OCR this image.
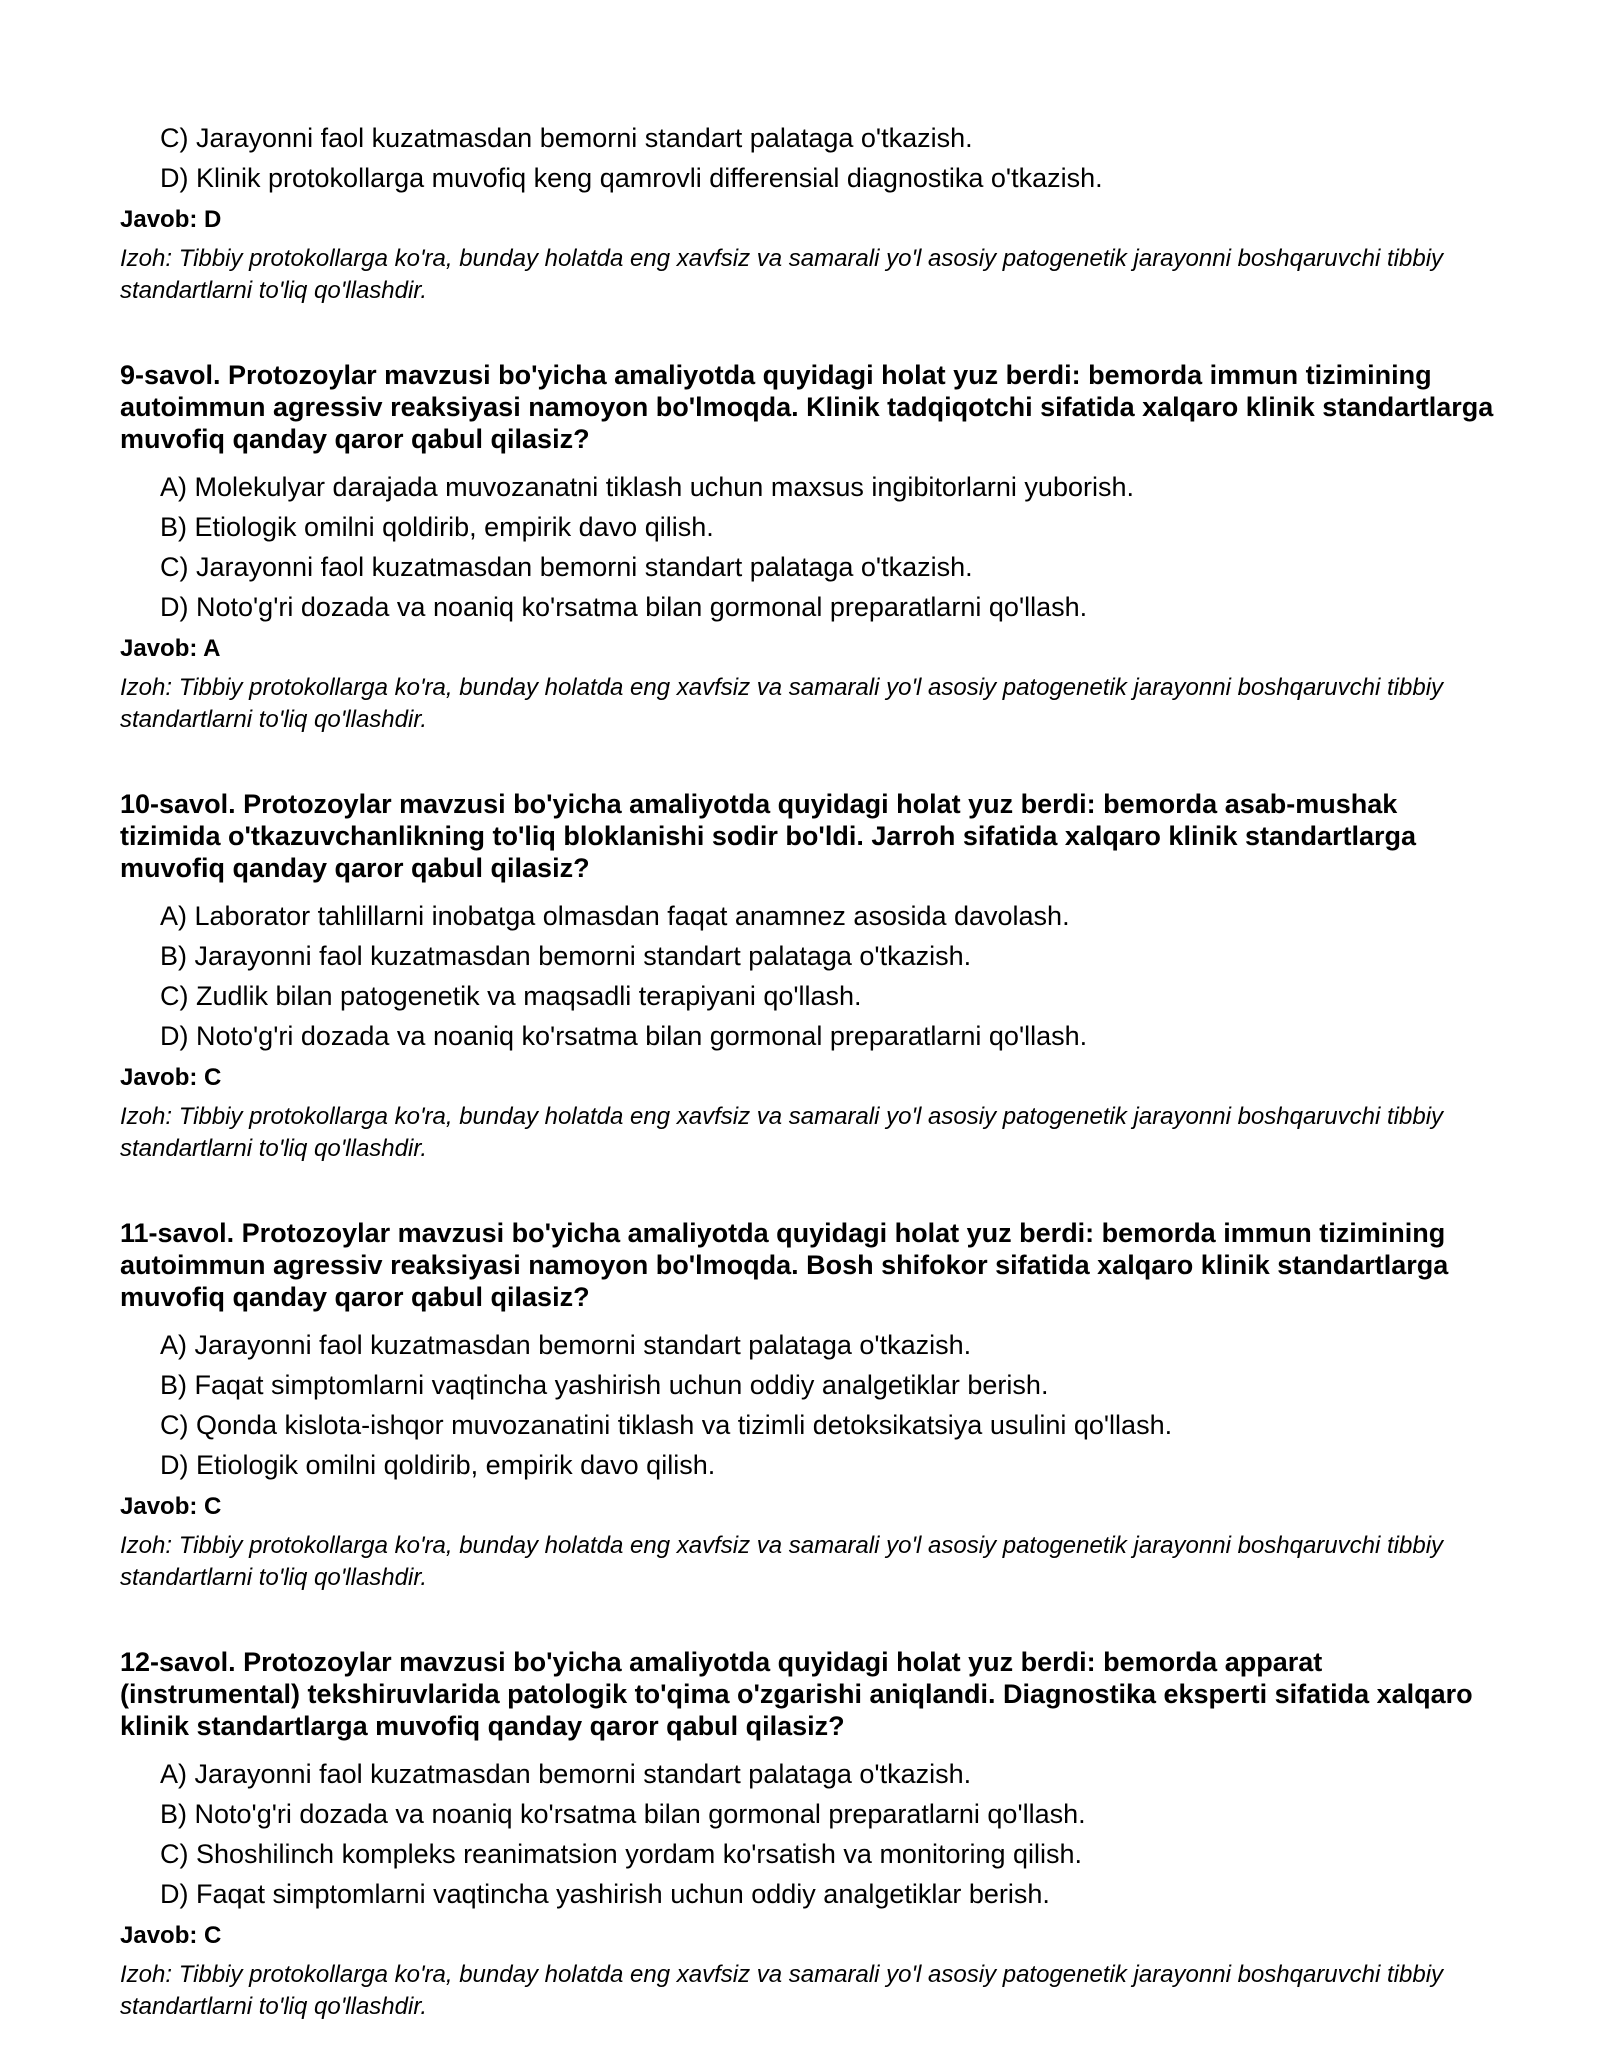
C) Jarayonni faol kuzatmasdan bemorni standart palataga o'tkazish.
D) Klinik protokollarga muvofiq keng qamrovli differensial diagnostika o'tkazish.
Javob: D
Izoh: Tibbiy protokollarga ko'ra, bunday holatda eng xavfsiz va samarali yo'l asosiy patogenetik jarayonni boshqaruvchi tibbiy standartlarni to'liq qo'llashdir.
9-savol. Protozoylar mavzusi bo'yicha amaliyotda quyidagi holat yuz berdi: bemorda immun tizimining autoimmun agressiv reaksiyasi namoyon bo'lmoqda. Klinik tadqiqotchi sifatida xalqaro klinik standartlarga muvofiq qanday qaror qabul qilasiz?
A) Molekulyar darajada muvozanatni tiklash uchun maxsus ingibitorlarni yuborish.
B) Etiologik omilni qoldirib, empirik davo qilish.
C) Jarayonni faol kuzatmasdan bemorni standart palataga o'tkazish.
D) Noto'g'ri dozada va noaniq ko'rsatma bilan gormonal preparatlarni qo'llash.
Javob: A
Izoh: Tibbiy protokollarga ko'ra, bunday holatda eng xavfsiz va samarali yo'l asosiy patogenetik jarayonni boshqaruvchi tibbiy standartlarni to'liq qo'llashdir.
10-savol. Protozoylar mavzusi bo'yicha amaliyotda quyidagi holat yuz berdi: bemorda asab-mushak tizimida o'tkazuvchanlikning to'liq bloklanishi sodir bo'ldi. Jarroh sifatida xalqaro klinik standartlarga muvofiq qanday qaror qabul qilasiz?
A) Laborator tahlillarni inobatga olmasdan faqat anamnez asosida davolash.
B) Jarayonni faol kuzatmasdan bemorni standart palataga o'tkazish.
C) Zudlik bilan patogenetik va maqsadli terapiyani qo'llash.
D) Noto'g'ri dozada va noaniq ko'rsatma bilan gormonal preparatlarni qo'llash.
Javob: C
Izoh: Tibbiy protokollarga ko'ra, bunday holatda eng xavfsiz va samarali yo'l asosiy patogenetik jarayonni boshqaruvchi tibbiy standartlarni to'liq qo'llashdir.
11-savol. Protozoylar mavzusi bo'yicha amaliyotda quyidagi holat yuz berdi: bemorda immun tizimining autoimmun agressiv reaksiyasi namoyon bo'lmoqda. Bosh shifokor sifatida xalqaro klinik standartlarga muvofiq qanday qaror qabul qilasiz?
A) Jarayonni faol kuzatmasdan bemorni standart palataga o'tkazish.
B) Faqat simptomlarni vaqtincha yashirish uchun oddiy analgetiklar berish.
C) Qonda kislota-ishqor muvozanatini tiklash va tizimli detoksikatsiya usulini qo'llash.
D) Etiologik omilni qoldirib, empirik davo qilish.
Javob: C
Izoh: Tibbiy protokollarga ko'ra, bunday holatda eng xavfsiz va samarali yo'l asosiy patogenetik jarayonni boshqaruvchi tibbiy standartlarni to'liq qo'llashdir.
12-savol. Protozoylar mavzusi bo'yicha amaliyotda quyidagi holat yuz berdi: bemorda apparat (instrumental) tekshiruvlarida patologik to'qima o'zgarishi aniqlandi. Diagnostika eksperti sifatida xalqaro klinik standartlarga muvofiq qanday qaror qabul qilasiz?
A) Jarayonni faol kuzatmasdan bemorni standart palataga o'tkazish.
B) Noto'g'ri dozada va noaniq ko'rsatma bilan gormonal preparatlarni qo'llash.
C) Shoshilinch kompleks reanimatsion yordam ko'rsatish va monitoring qilish.
D) Faqat simptomlarni vaqtincha yashirish uchun oddiy analgetiklar berish.
Javob: C
Izoh: Tibbiy protokollarga ko'ra, bunday holatda eng xavfsiz va samarali yo'l asosiy patogenetik jarayonni boshqaruvchi tibbiy standartlarni to'liq qo'llashdir.
